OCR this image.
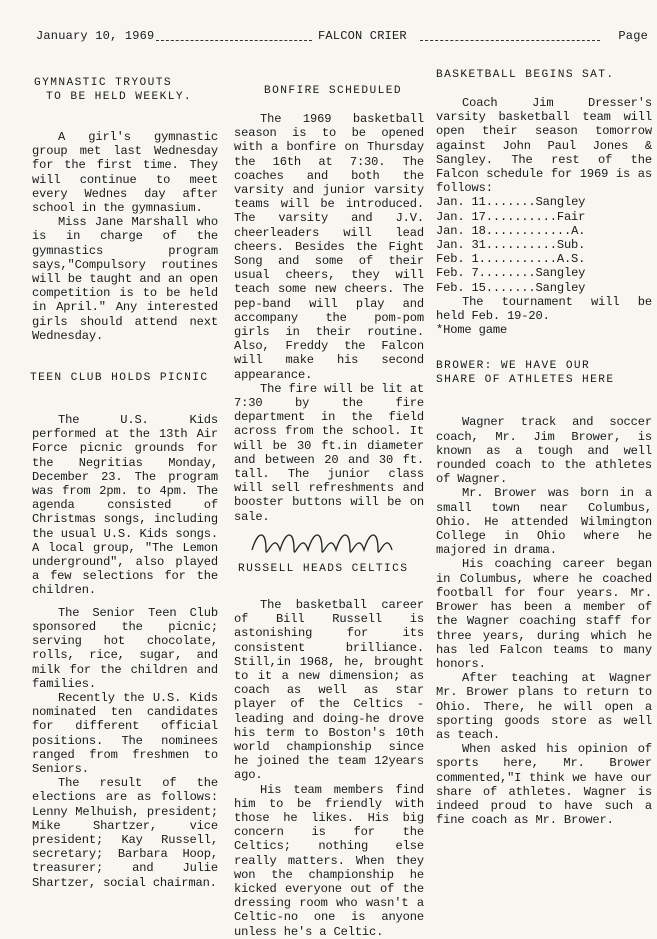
January 10, 1969	FALCON CRIER	Page

GYMNASTIC TRYOUTS

TO BE HELD WEEKLY.

A girl's gymnastic group met last Wednesday for the first time. They will continue to meet every Wednes day after school in the gymnasium.

Miss Jane Marshall who is in charge of the gymnastics program says,"Compulsory routines will be taught and an open competition is to be held in April." Any interested girls should attend next Wednesday.

TEEN CLUB HOLDS PICNIC

The U.S. Kids performed at the 13th Air Force picnic grounds for the Negritias Monday, December 23. The program was from 2pm. to 4pm. The agenda consisted of Christmas songs, including the usual U.S. Kids songs. A local group, "The Lemon underground", also played a few selections for the children.

The Senior Teen Club sponsored the picnic; serving hot chocolate, rolls, rice, sugar, and milk for the children and families.

Recently the U.S. Kids nominated ten candidates for different official positions. The nominees ranged from freshmen to Seniors.

The result of the elections are as follows: Lenny Melhuish, president; Mike Shartzer, vice president; Kay Russell, secretary; Barbara Hoop, treasurer; and Julie Shartzer, social chairman.

BONFIRE SCHEDULED

The 1969 basketball season is to be opened with a bonfire on Thursday the 16th at 7:30. The coaches and both the varsity and junior varsity teams will be introduced. The varsity and J.V. cheerleaders will lead cheers. Besides the Fight Song and some of their usual cheers, they will teach some new cheers. The pep-band will play and accompany the pom-pom girls in their routine. Also, Freddy the Falcon will make his second appearance.

The fire will be lit at 7:30 by the fire department in the field across from the school. It will be 30 ft.in diameter and between 20 and 30 ft. tall. The junior class will sell refreshments and booster buttons will be on sale.

RUSSELL HEADS CELTICS

The basketball career of Bill Russell is astonishing for its consistent brilliance. Still,in 1968, he, brought to it a new dimension; as coach as well as star player of the Celtics -leading and doing-he drove his term to Boston's 10th world championship since he joined the team 12years ago.

His team members find him to be friendly with those he likes. His big concern is for the Celtics; nothing else really matters. When they won the championship he kicked everyone out of the dressing room who wasn't a Celtic-no one is anyone unless he's a Celtic.

BASKETBALL BEGINS SAT.

Coach Jim Dresser's varsity basketball team will open their season tomorrow against John Paul Jones & Sangley. The rest of the Falcon schedule for 1969 is as follows:

Jan. 11.......Sangley
Jan. 17..........Fair
Jan. 18............A.
Jan. 31..........Sub.
Feb. 1...........A.S.
Feb. 7........Sangley
Feb. 15.......Sangley

The tournament will be held Feb. 19-20.

*Home game

BROWER: WE HAVE OUR

SHARE OF ATHLETES HERE

Wagner track and soccer coach, Mr. Jim Brower, is known as a tough and well rounded coach to the athletes of Wagner.

Mr. Brower was born in a small town near Columbus, Ohio. He attended Wilmington College in Ohio where he majored in drama.

His coaching career began in Columbus, where he coached football for four years. Mr. Brower has been a member of the Wagner coaching staff for three years, during which he has led Falcon teams to many honors.

After teaching at Wagner Mr. Brower plans to return to Ohio. There, he will open a sporting goods store as well as teach.

When asked his opinion of sports here, Mr. Brower commented,"I think we have our share of athletes. Wagner is indeed proud to have such a fine coach as Mr. Brower.
